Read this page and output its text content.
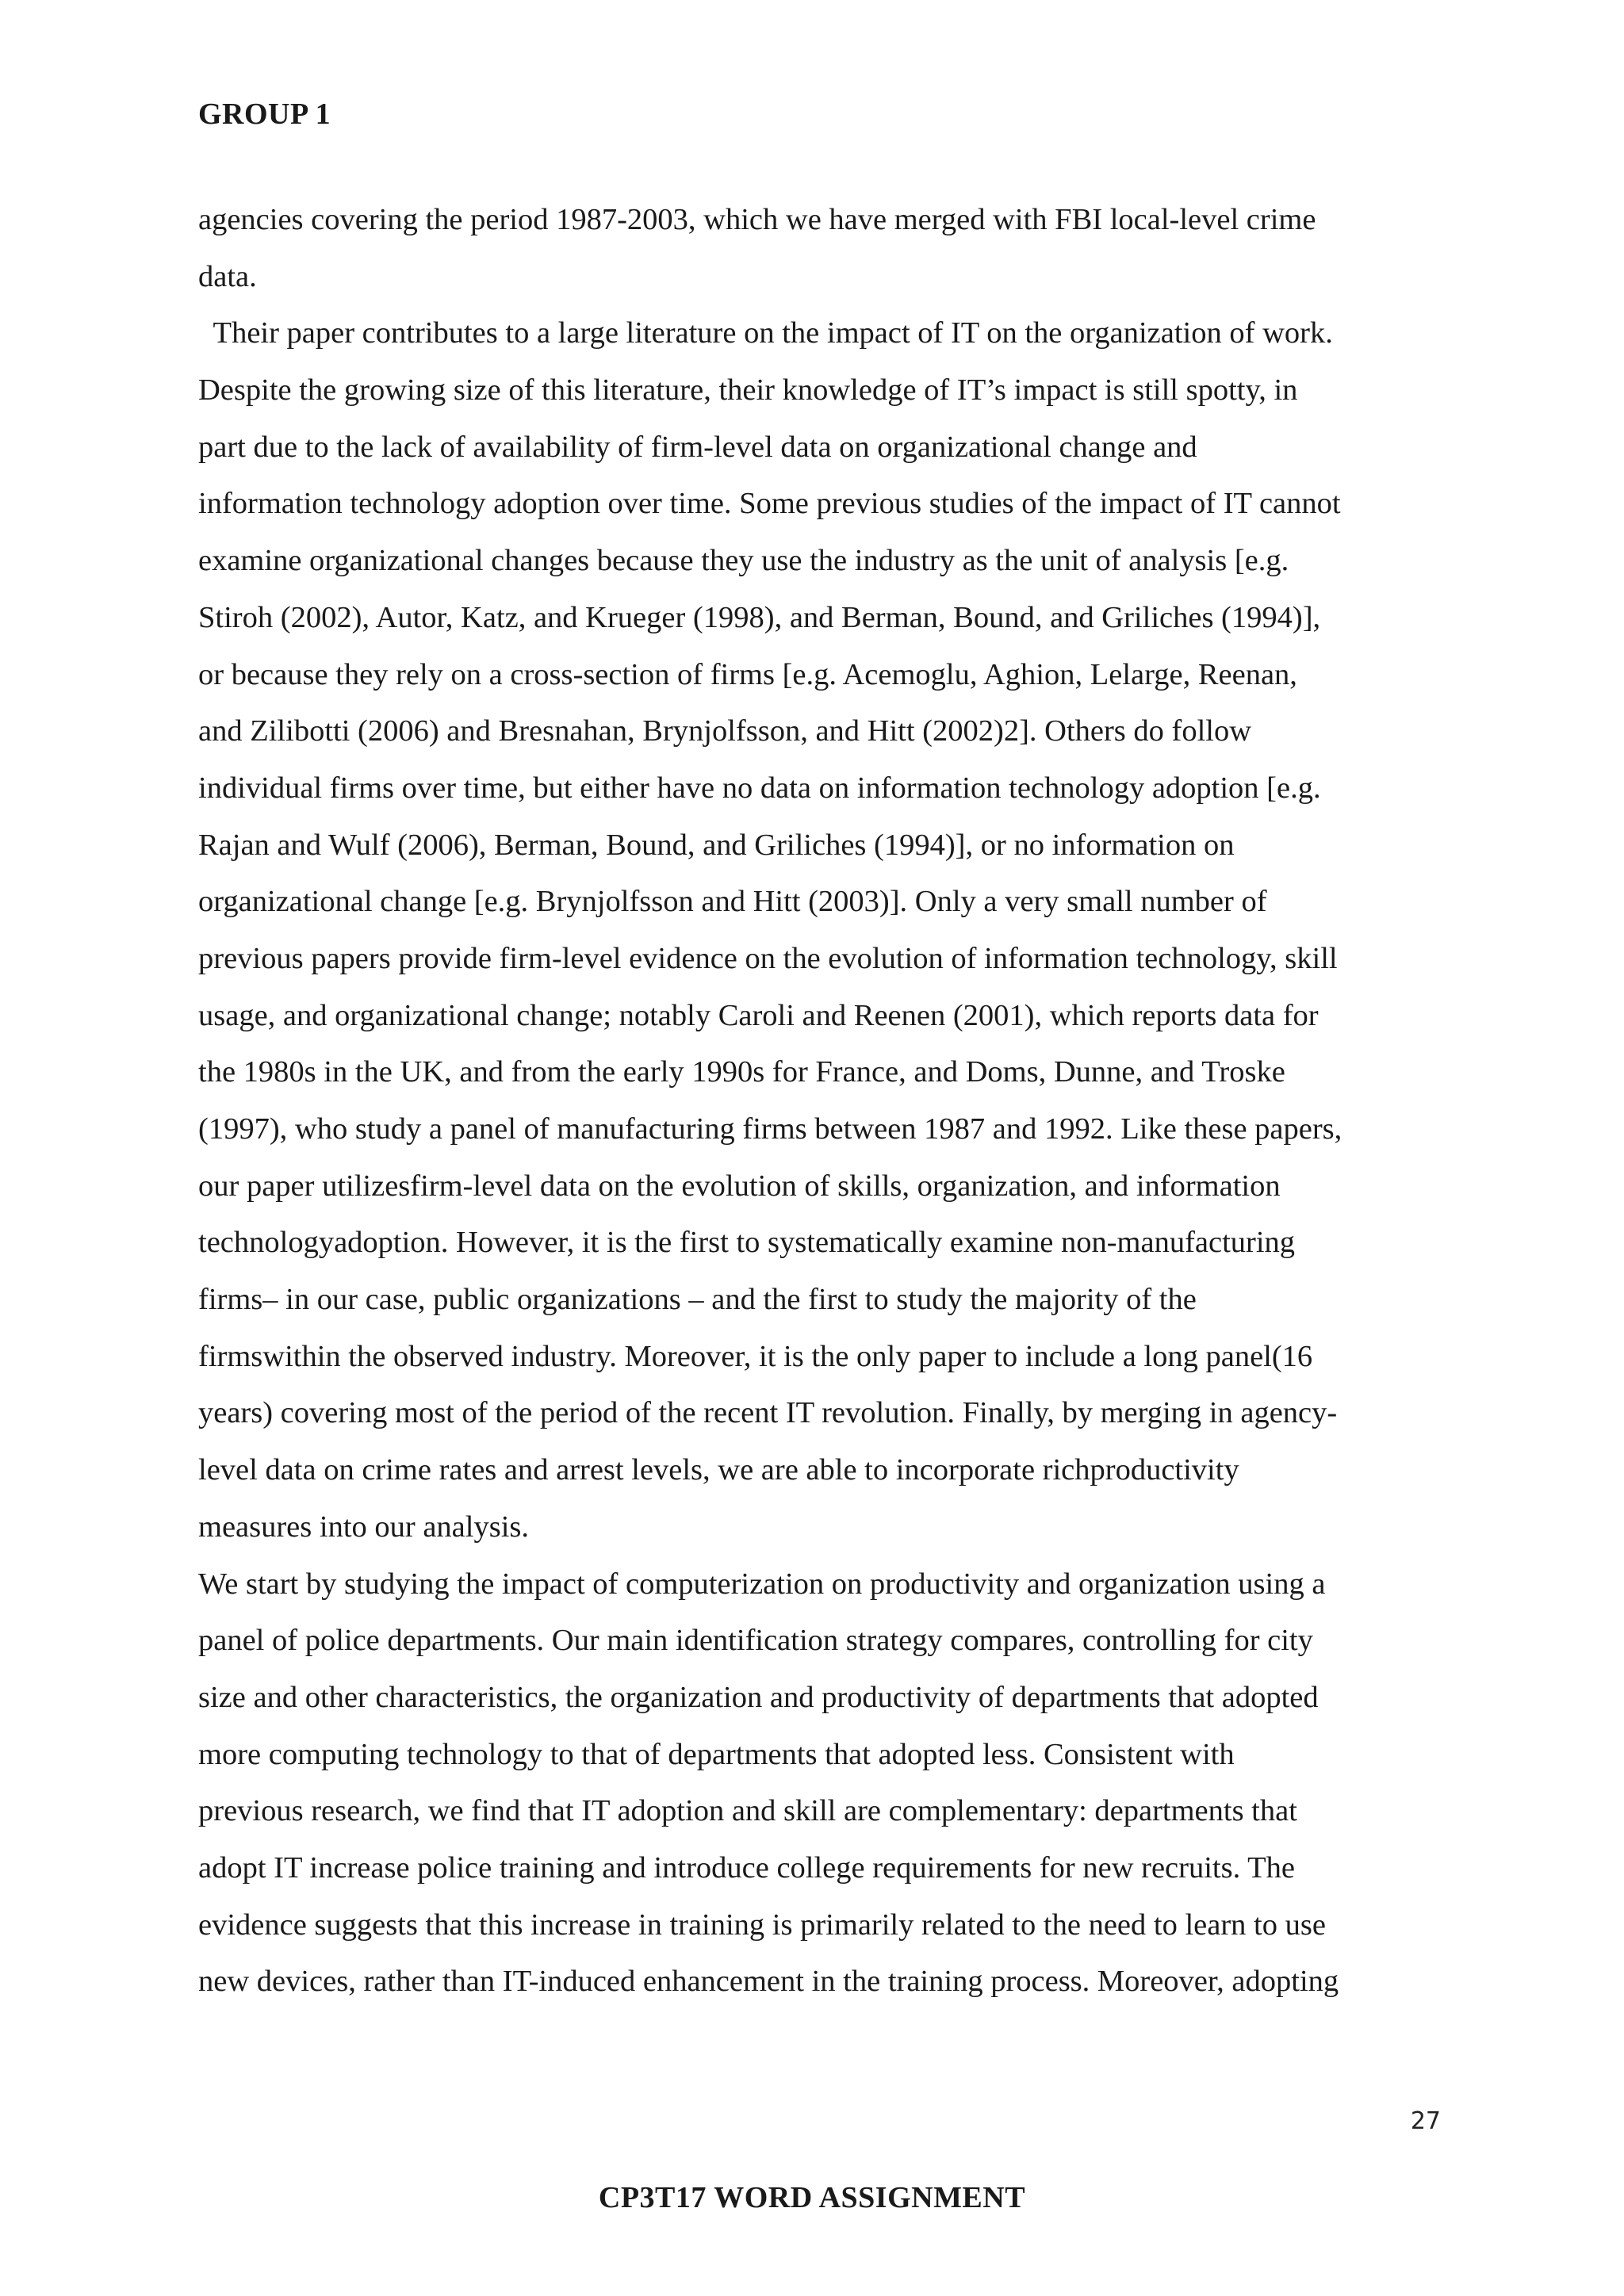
GROUP 1
agencies covering the period 1987-2003, which we have merged with FBI local-level crime
data.
Their paper contributes to a large literature on the impact of IT on the organization of work.
Despite the growing size of this literature, their knowledge of IT’s impact is still spotty, in
part due to the lack of availability of firm-level data on organizational change and
information technology adoption over time. Some previous studies of the impact of IT cannot
examine organizational changes because they use the industry as the unit of analysis [e.g.
Stiroh (2002), Autor, Katz, and Krueger (1998), and Berman, Bound, and Griliches (1994)],
or because they rely on a cross-section of firms [e.g. Acemoglu, Aghion, Lelarge, Reenan,
and Zilibotti (2006) and Bresnahan, Brynjolfsson, and Hitt (2002)2]. Others do follow
individual firms over time, but either have no data on information technology adoption [e.g.
Rajan and Wulf (2006), Berman, Bound, and Griliches (1994)], or no information on
organizational change [e.g. Brynjolfsson and Hitt (2003)]. Only a very small number of
previous papers provide firm-level evidence on the evolution of information technology, skill
usage, and organizational change; notably Caroli and Reenen (2001), which reports data for
the 1980s in the UK, and from the early 1990s for France, and Doms, Dunne, and Troske
(1997), who study a panel of manufacturing firms between 1987 and 1992. Like these papers,
our paper utilizesfirm-level data on the evolution of skills, organization, and information
technologyadoption. However, it is the first to systematically examine non-manufacturing
firms– in our case, public organizations – and the first to study the majority of the
firmswithin the observed industry. Moreover, it is the only paper to include a long panel(16
years) covering most of the period of the recent IT revolution. Finally, by merging in agency-
level data on crime rates and arrest levels, we are able to incorporate richproductivity
measures into our analysis.
We start by studying the impact of computerization on productivity and organization using a
panel of police departments. Our main identification strategy compares, controlling for city
size and other characteristics, the organization and productivity of departments that adopted
more computing technology to that of departments that adopted less. Consistent with
previous research, we find that IT adoption and skill are complementary: departments that
adopt IT increase police training and introduce college requirements for new recruits. The
evidence suggests that this increase in training is primarily related to the need to learn to use
new devices, rather than IT-induced enhancement in the training process. Moreover, adopting
27
CP3T17 WORD ASSIGNMENT
